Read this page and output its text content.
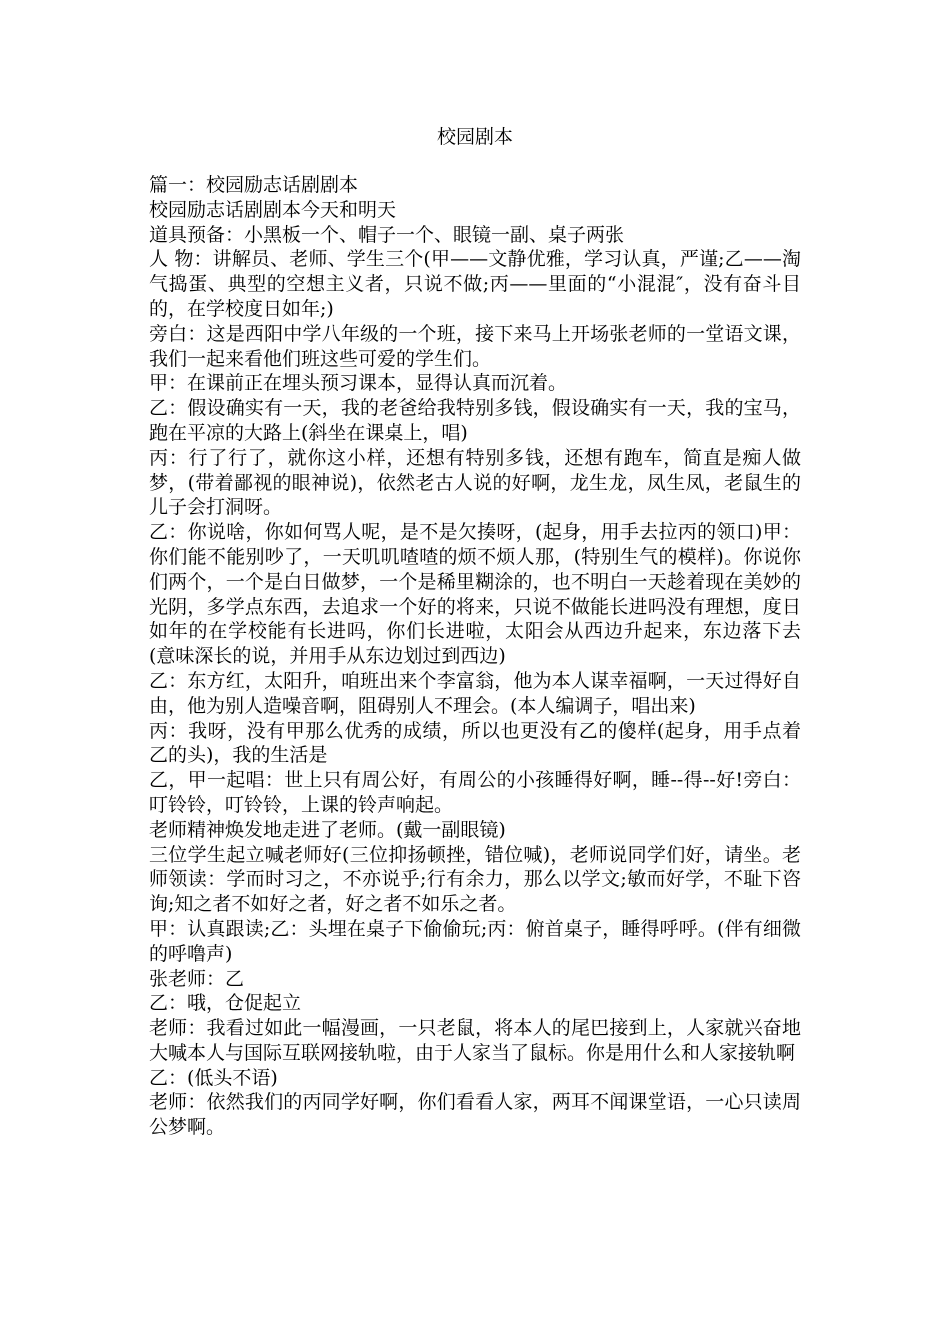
校园剧本

篇一：校园励志话剧剧本

校园励志话剧剧本今天和明天

道具预备：小黑板一个、帽子一个、眼镜一副、桌子两张

人 物：讲解员、老师、学生三个(甲——文静优雅，学习认真，严谨;乙——淘气捣蛋、典型的空想主义者，只说不做;丙——里面的“小混混″，没有奋斗目的，在学校度日如年;)

旁白：这是西阳中学八年级的一个班，接下来马上开场张老师的一堂语文课，我们一起来看他们班这些可爱的学生们。

甲：在课前正在埋头预习课本，显得认真而沉着。

乙：假设确实有一天，我的老爸给我特别多钱，假设确实有一天，我的宝马，跑在平凉的大路上(斜坐在课桌上，唱)

丙：行了行了，就你这小样，还想有特别多钱，还想有跑车，简直是痴人做梦，(带着鄙视的眼神说)，依然老古人说的好啊，龙生龙，凤生凤，老鼠生的儿子会打洞呀。

乙：你说啥，你如何骂人呢，是不是欠揍呀，(起身，用手去拉丙的领口)甲：你们能不能别吵了，一天叽叽喳喳的烦不烦人那，(特别生气的模样)。你说你们两个，一个是白日做梦，一个是稀里糊涂的，也不明白一天趁着现在美妙的光阴，多学点东西，去追求一个好的将来，只说不做能长进吗没有理想，度日如年的在学校能有长进吗，你们长进啦，太阳会从西边升起来，东边落下去(意味深长的说，并用手从东边划过到西边)

乙：东方红，太阳升，咱班出来个李富翁，他为本人谋幸福啊，一天过得好自由，他为别人造噪音啊，阻碍别人不理会。(本人编调子，唱出来)

丙：我呀，没有甲那么优秀的成绩，所以也更没有乙的傻样(起身，用手点着乙的头)，我的生活是

乙，甲一起唱：世上只有周公好，有周公的小孩睡得好啊，睡--得--好!旁白：叮铃铃，叮铃铃，上课的铃声响起。

老师精神焕发地走进了老师。(戴一副眼镜)

三位学生起立喊老师好(三位抑扬顿挫，错位喊)，老师说同学们好，请坐。老师领读：学而时习之，不亦说乎;行有余力，那么以学文;敏而好学，不耻下咨询;知之者不如好之者，好之者不如乐之者。

甲：认真跟读;乙：头埋在桌子下偷偷玩;丙：俯首桌子，睡得呼呼。(伴有细微的呼噜声)

张老师：乙

乙：哦，仓促起立

老师：我看过如此一幅漫画，一只老鼠，将本人的尾巴接到上，人家就兴奋地大喊本人与国际互联网接轨啦，由于人家当了鼠标。你是用什么和人家接轨啊

乙：(低头不语)

老师：依然我们的丙同学好啊，你们看看人家，两耳不闻课堂语，一心只读周公梦啊。
